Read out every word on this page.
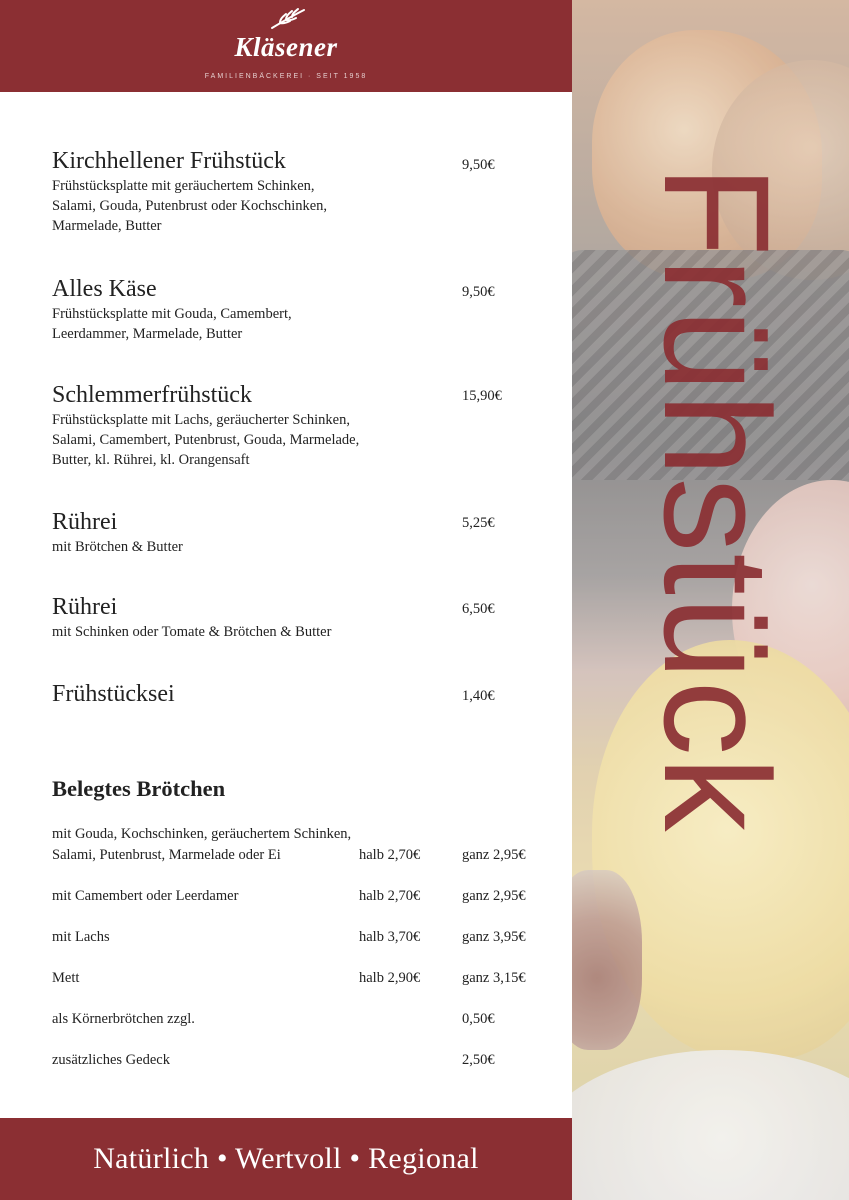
Kläsener
FAMILIENBÄCKEREI · SEIT 1958
Frühstück
Kirchhellener Frühstück
Frühstücksplatte mit geräuchertem Schinken,
Salami, Gouda, Putenbrust oder Kochschinken,
Marmelade, Butter
9,50€
Alles Käse
Frühstücksplatte mit Gouda, Camembert,
Leerdammer, Marmelade, Butter
9,50€
Schlemmerfrühstück
Frühstücksplatte mit Lachs, geräucherter Schinken,
Salami, Camembert, Putenbrust, Gouda, Marmelade,
Butter, kl. Rührei, kl. Orangensaft
15,90€
Rührei
mit Brötchen & Butter
5,25€
Rührei
mit Schinken oder Tomate & Brötchen & Butter
6,50€
Frühstücksei	1,40€
Belegtes Brötchen
mit Gouda, Kochschinken, geräuchertem Schinken,
Salami, Putenbrust, Marmelade oder Ei	halb 2,70€	ganz 2,95€
mit Camembert oder Leerdamer	halb 2,70€	ganz 2,95€
mit Lachs	halb 3,70€	ganz 3,95€
Mett	halb 2,90€	ganz 3,15€
als Körnerbrötchen zzgl.	0,50€
zusätzliches Gedeck	2,50€
Natürlich • Wertvoll • Regional
